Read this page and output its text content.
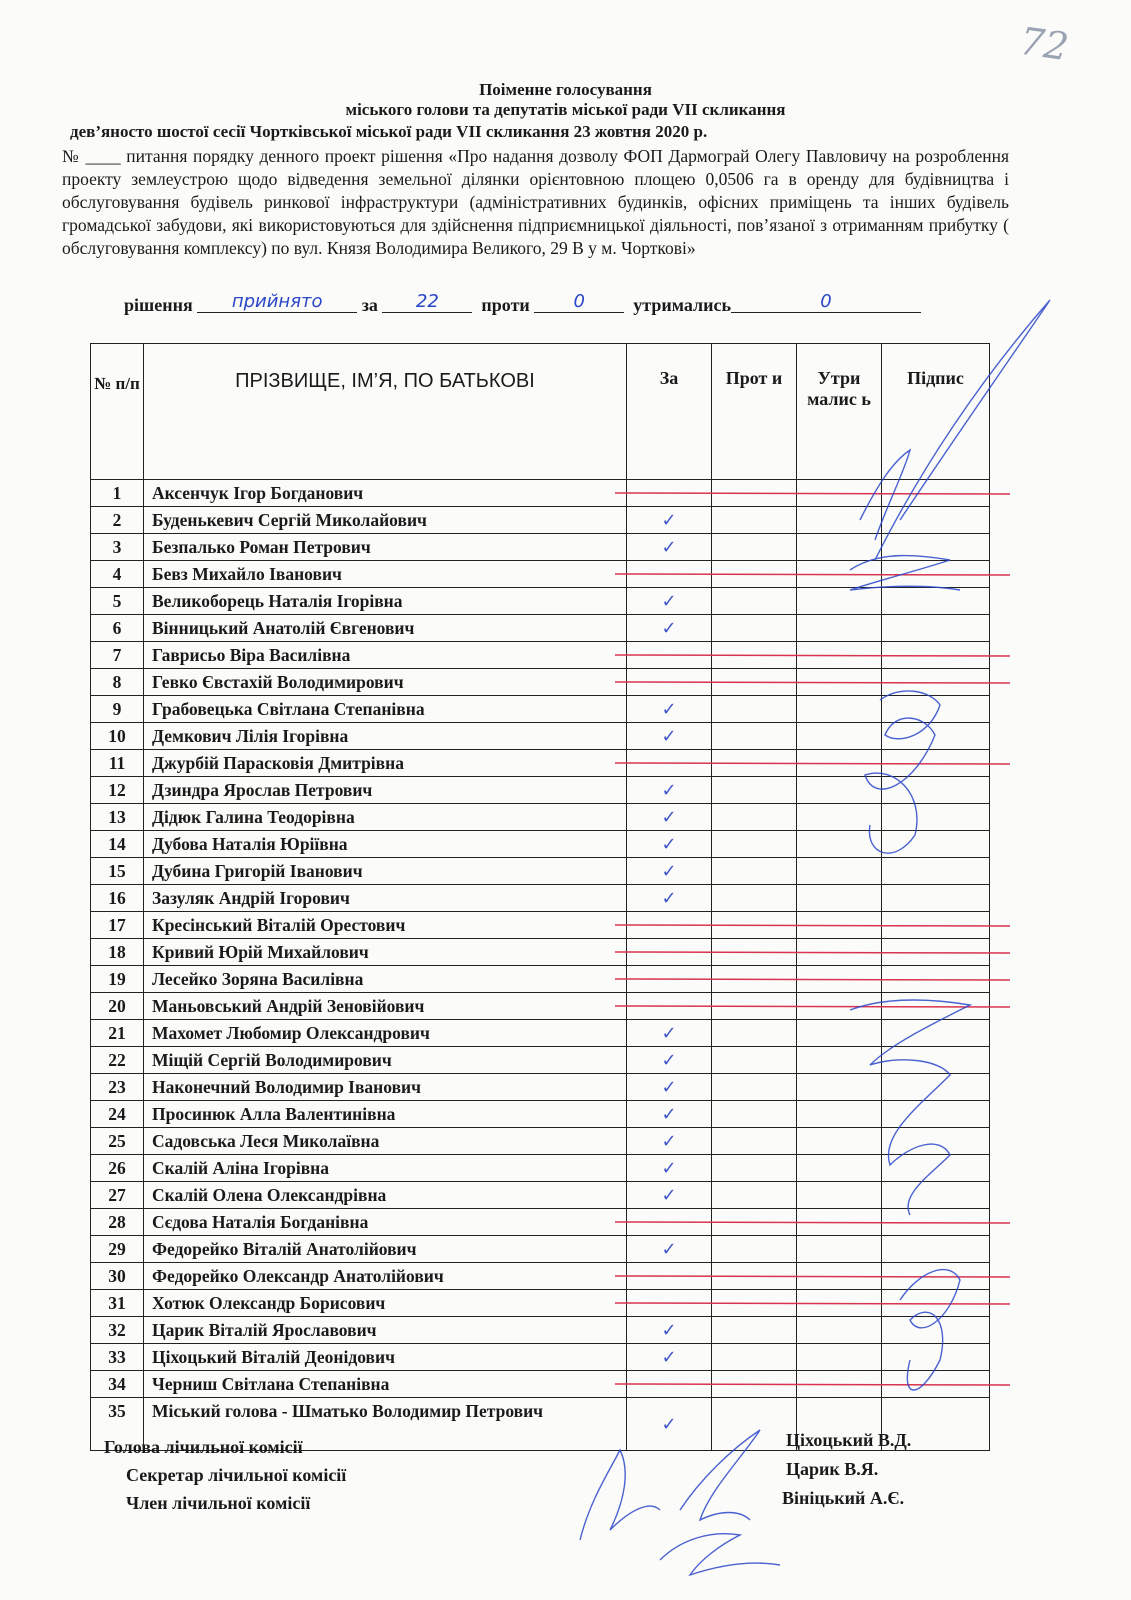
72
Поіменне голосування
міського голови та депутатів міської ради VII скликання
дев’яносто шостої сесії Чортківської міської ради VII скликання 23 жовтня 2020 р.
№ ____ питання порядку денного проект рішення «Про надання дозволу ФОП Дармограй Олегу Павловичу на розроблення проекту землеустрою щодо відведення земельної ділянки орієнтовною площею 0,0506 га в оренду для будівництва і обслуговування будівель ринкової інфраструктури (адміністративних будинків, офісних приміщень та інших будівель громадської забудови, які використовуються для здійснення підприємницької діяльності, пов’язаної з отриманням прибутку ( обслуговування комплексу) по вул. Князя Володимира Великого, 29 В у м. Чорткові»
рішення прийнято за 22 проти 0	утримались	0
№ п/п	ПРІЗВИЩЕ, ІМ’Я, ПО БАТЬКОВІ	За	Прот и	Утри малис ь	Підпис
1	Аксенчук Ігор Богданович				
2	Буденькевич Сергій Миколайович	✓			
3	Безпалько Роман Петрович	✓			
4	Бевз Михайло Іванович				
5	Великоборець Наталія Ігорівна	✓			
6	Вінницький Анатолій Євгенович	✓			
7	Гаврисьо Віра Василівна				
8	Гевко Євстахій Володимирович				
9	Грабовецька Світлана Степанівна	✓			
10	Демкович Лілія Ігорівна	✓			
11	Джурбій Парасковія Дмитрівна				
12	Дзиндра Ярослав Петрович	✓			
13	Дідюк Галина Теодорівна	✓			
14	Дубова Наталія Юріївна	✓			
15	Дубина Григорій Іванович	✓			
16	Зазуляк Андрій Ігорович	✓			
17	Кресінський Віталій Орестович				
18	Кривий Юрій Михайлович				
19	Лесейко Зоряна Василівна				
20	Маньовський Андрій Зеновійович				
21	Махомет Любомир Олександрович	✓			
22	Міщій Сергій Володимирович	✓			
23	Наконечний Володимир Іванович	✓			
24	Просинюк Алла Валентинівна	✓			
25	Садовська Леся Миколаївна	✓			
26	Скалій Аліна Ігорівна	✓			
27	Скалій Олена Олександрівна	✓			
28	Сєдова Наталія Богданівна				
29	Федорейко Віталій Анатолійович	✓			
30	Федорейко Олександр Анатолійович				
31	Хотюк Олександр Борисович				
32	Царик Віталій Ярославович	✓			
33	Ціхоцький Віталій Деонідович	✓			
34	Черниш Світлана Степанівна				
35	Міський голова - Шматько Володимир Петрович	✓			
Голова лічильної комісії
Секретар лічильної комісії
Член лічильної комісії
Ціхоцький В.Д.
Царик В.Я.
Вініцький А.Є.
